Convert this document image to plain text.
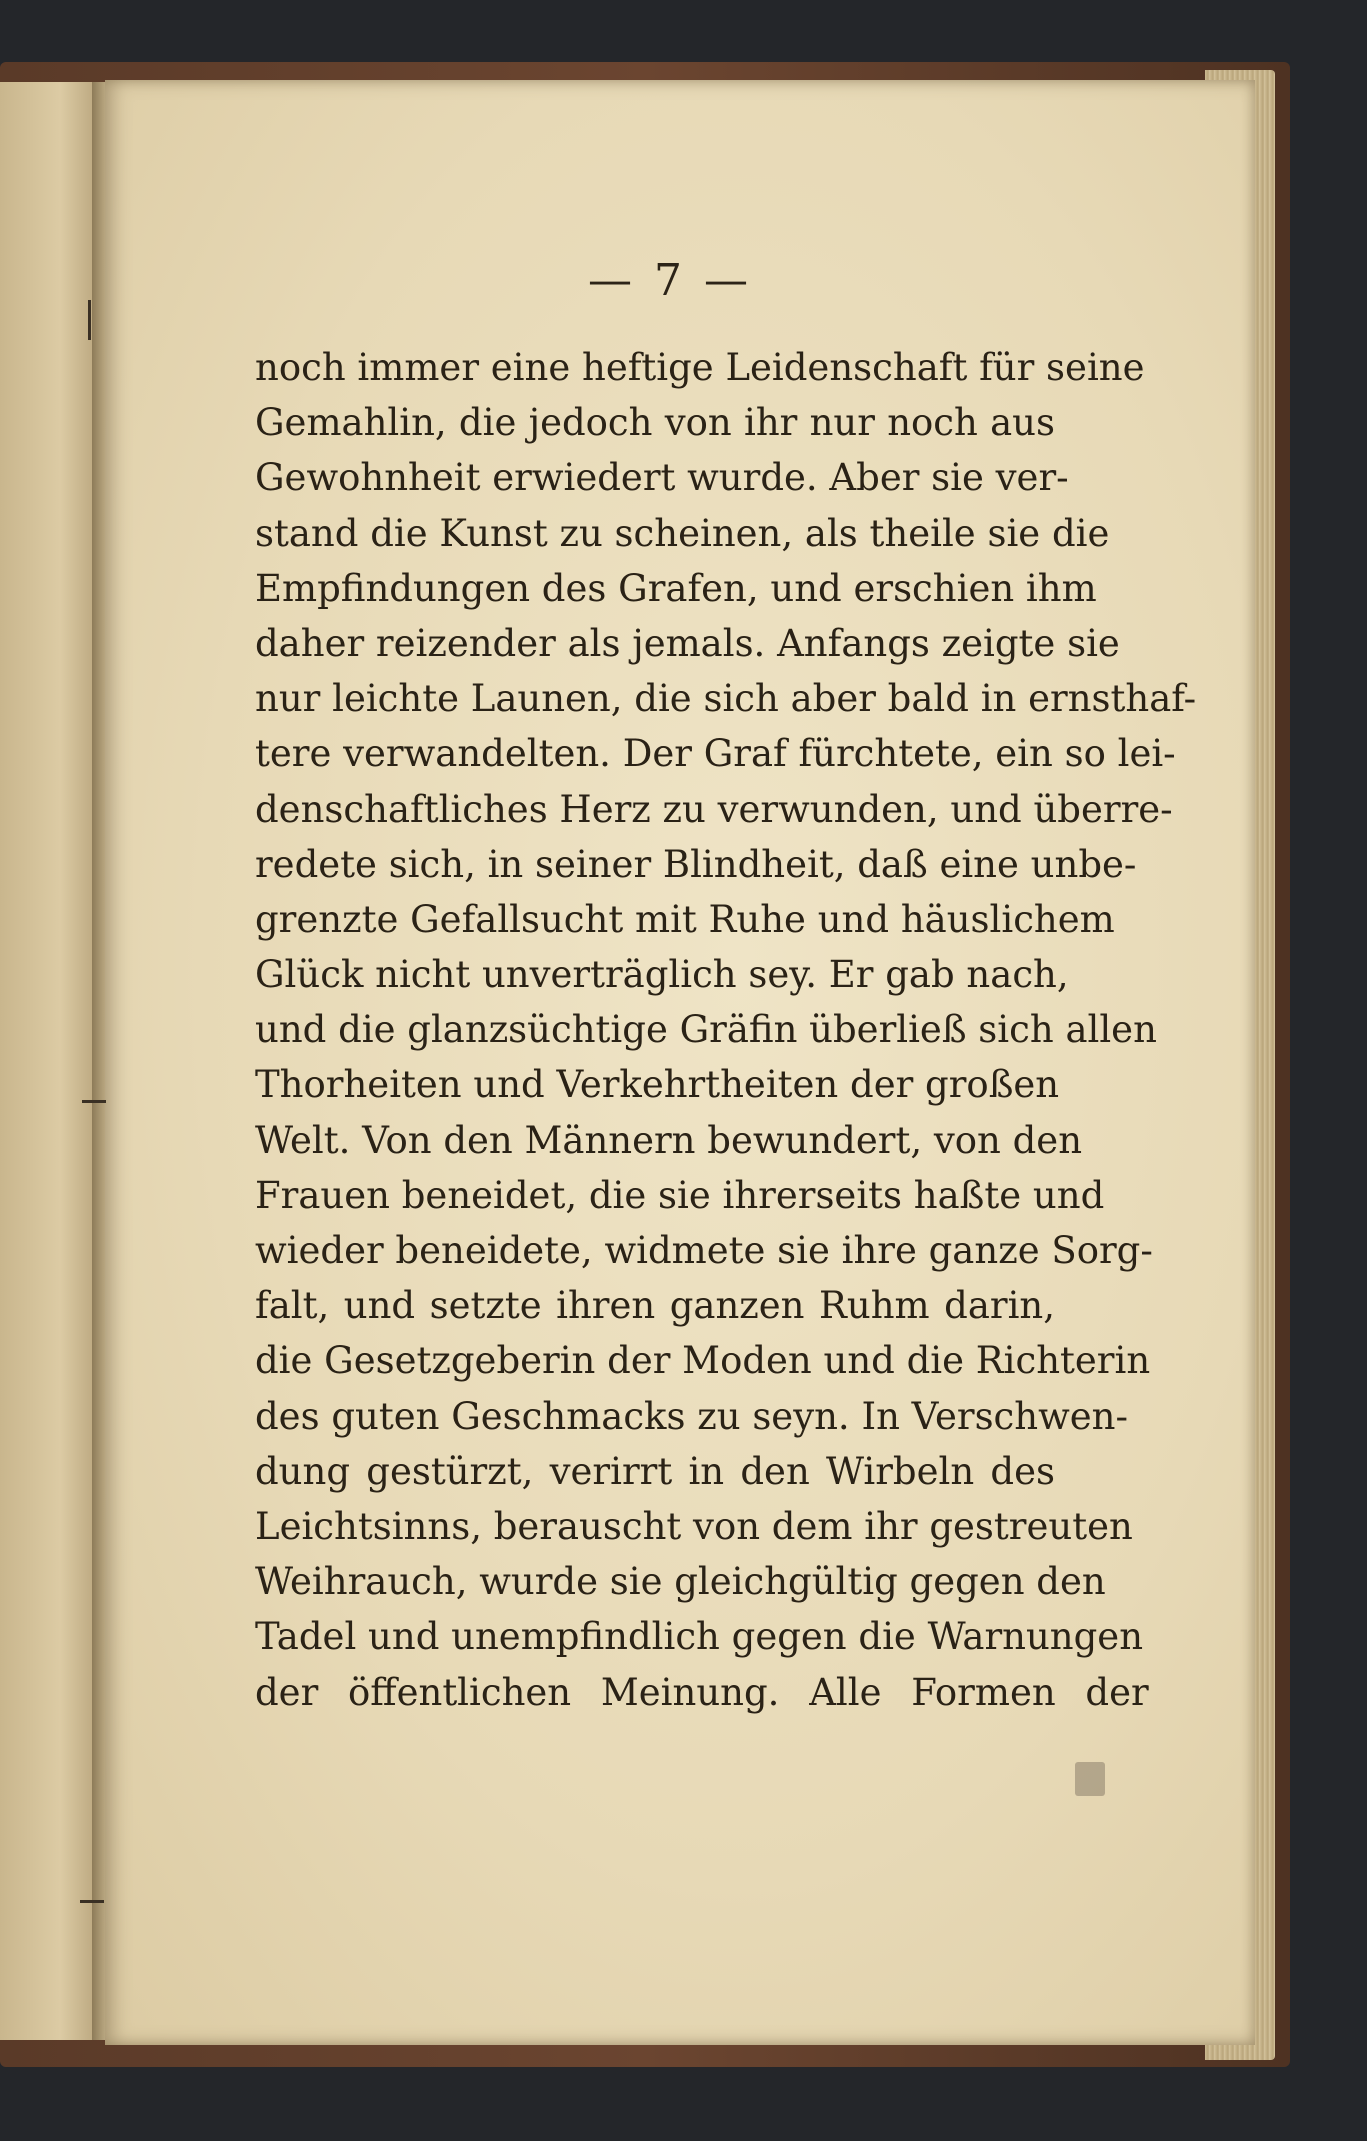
— 7 —
noch immer eine heftige Leidenschaft für seine
Gemahlin, die jedoch von ihr nur noch aus
Gewohnheit erwiedert wurde. Aber sie ver-
stand die Kunst zu scheinen, als theile sie die
Empfindungen des Grafen, und erschien ihm
daher reizender als jemals. Anfangs zeigte sie
nur leichte Launen, die sich aber bald in ernsthaf-
tere verwandelten. Der Graf fürchtete, ein so lei-
denschaftliches Herz zu verwunden, und überre-
redete sich, in seiner Blindheit, daß eine unbe-
grenzte Gefallsucht mit Ruhe und häuslichem
Glück nicht unverträglich sey. Er gab nach,
und die glanzsüchtige Gräfin überließ sich allen
Thorheiten und Verkehrtheiten der großen
Welt. Von den Männern bewundert, von den
Frauen beneidet, die sie ihrerseits haßte und
wieder beneidete, widmete sie ihre ganze Sorg-
falt, und setzte ihren ganzen Ruhm darin,
die Gesetzgeberin der Moden und die Richterin
des guten Geschmacks zu seyn. In Verschwen-
dung gestürzt, verirrt in den Wirbeln des
Leichtsinns, berauscht von dem ihr gestreuten
Weihrauch, wurde sie gleichgültig gegen den
Tadel und unempfindlich gegen die Warnungen
der öffentlichen Meinung. Alle Formen der
